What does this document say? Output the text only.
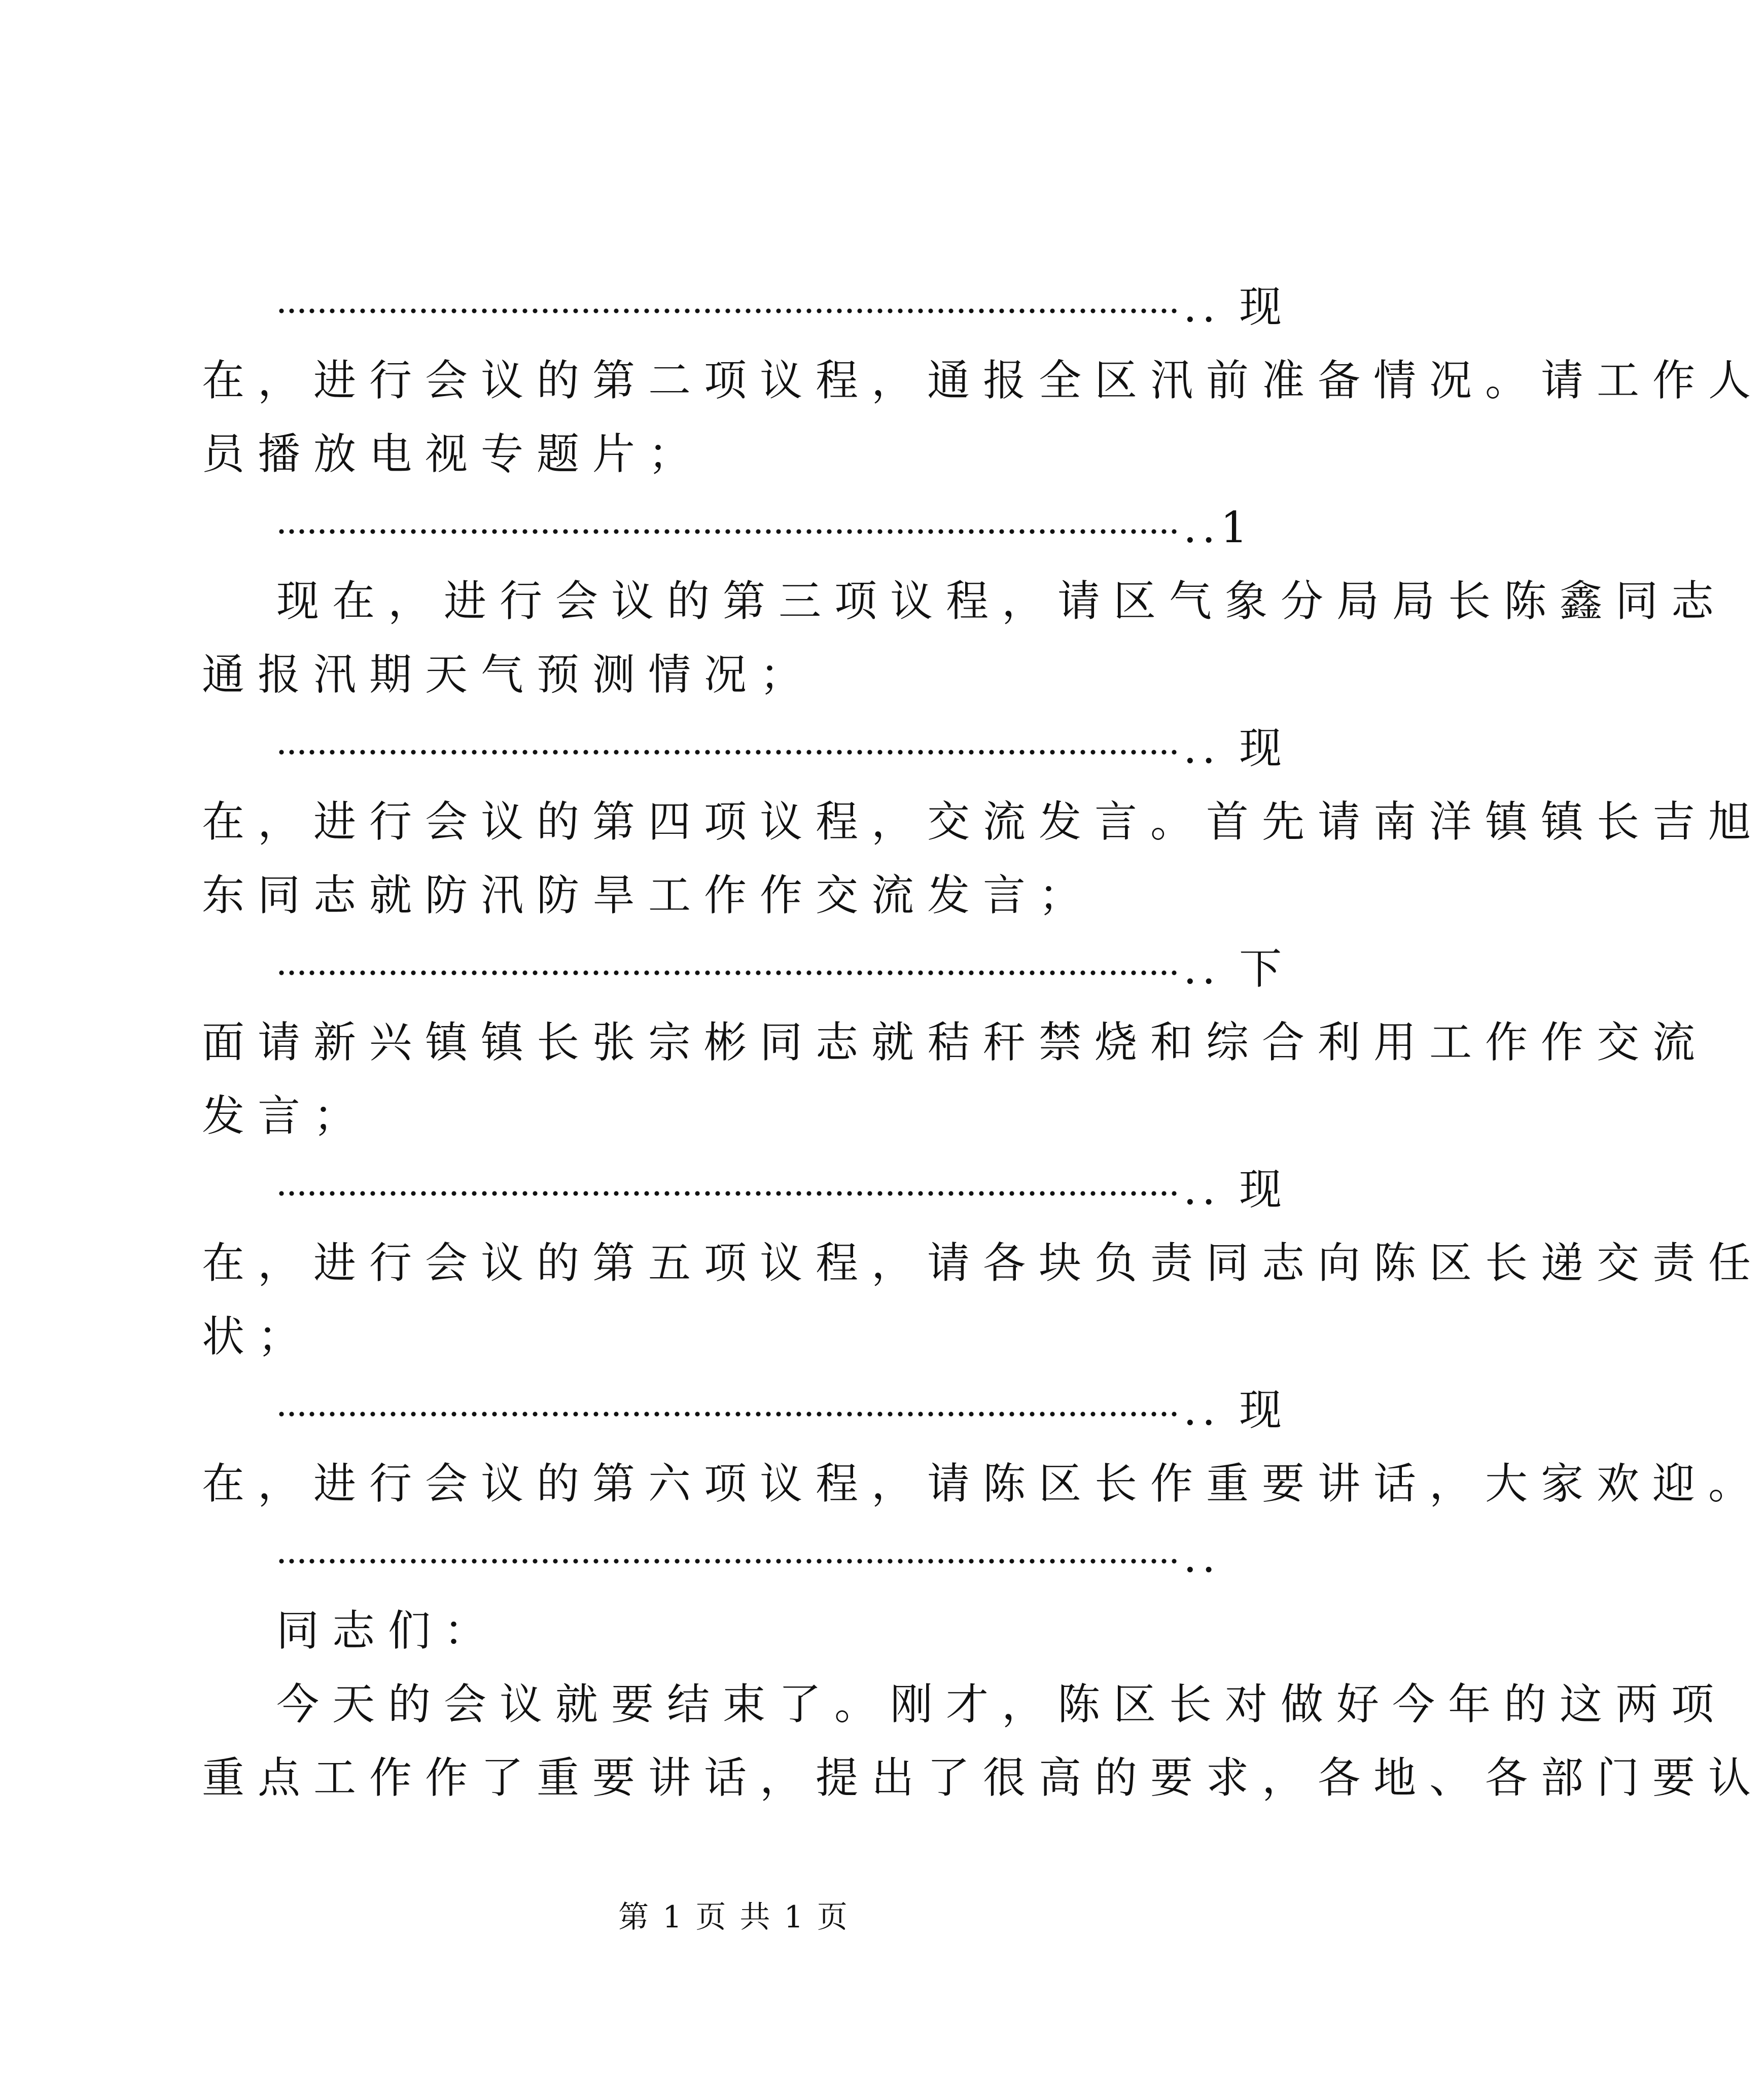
.. 现
在，进行会议的第二项议程，通报全区汛前准备情况。请工作人
员播放电视专题片；
..1
现在，进行会议的第三项议程，请区气象分局局长陈鑫同志
通报汛期天气预测情况；
.. 现
在，进行会议的第四项议程，交流发言。首先请南洋镇镇长吉旭
东同志就防汛防旱工作作交流发言；
.. 下
面请新兴镇镇长张宗彬同志就秸秆禁烧和综合利用工作作交流
发言；
.. 现
在，进行会议的第五项议程，请各块负责同志向陈区长递交责任
状；
.. 现
在，进行会议的第六项议程，请陈区长作重要讲话，大家欢迎。
..
同志们：
今天的会议就要结束了。刚才，陈区长对做好今年的这两项
重点工作作了重要讲话，提出了很高的要求，各地、各部门要认
第 1 页 共 1 页
